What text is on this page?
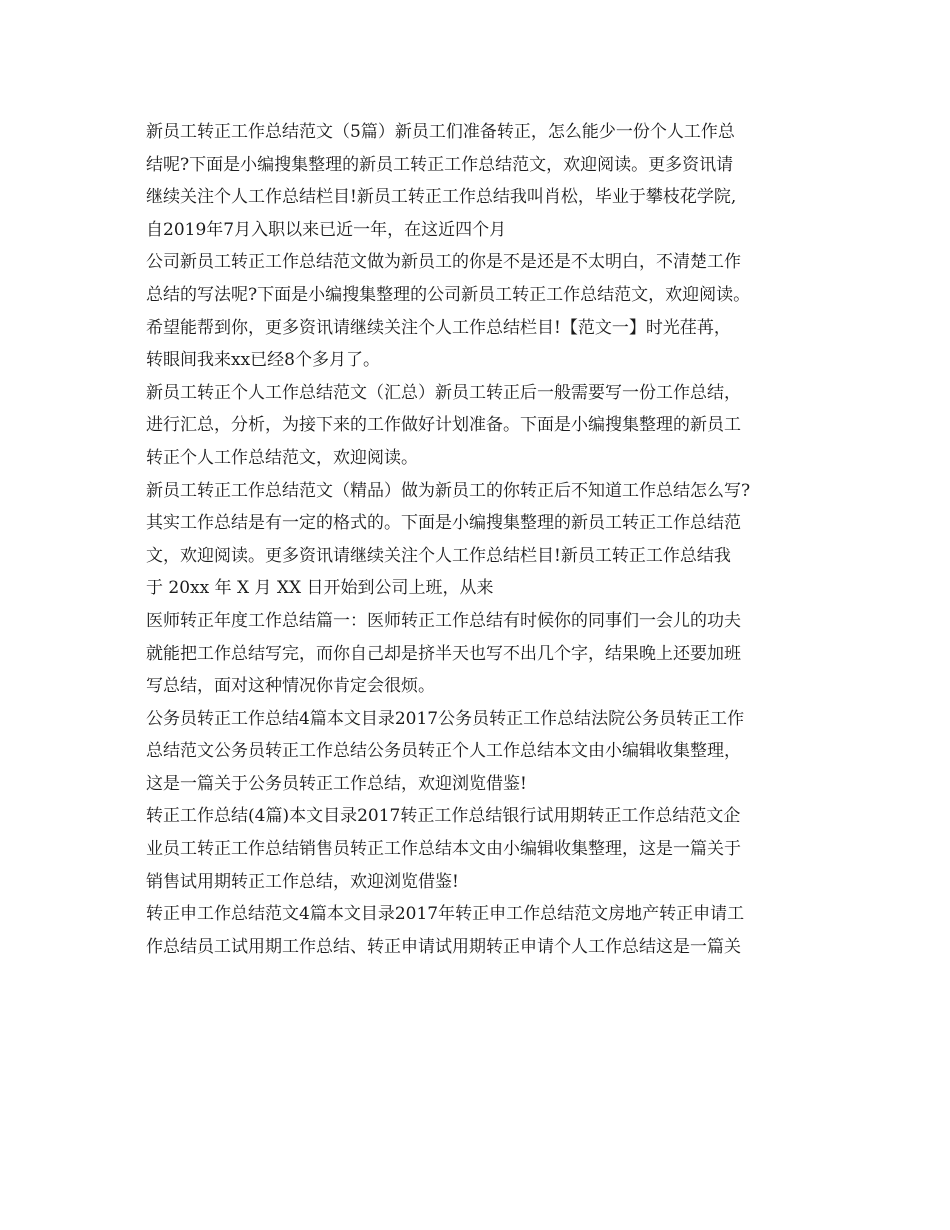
新员工转正工作总结范文（5篇）新员工们准备转正，怎么能少一份个人工作总
结呢?下面是小编搜集整理的新员工转正工作总结范文，欢迎阅读。更多资讯请
继续关注个人工作总结栏目!新员工转正工作总结我叫肖松，毕业于攀枝花学院,
自2019年7月入职以来已近一年，在这近四个月
公司新员工转正工作总结范文做为新员工的你是不是还是不太明白，不清楚工作
总结的写法呢?下面是小编搜集整理的公司新员工转正工作总结范文，欢迎阅读。
希望能帮到你，更多资讯请继续关注个人工作总结栏目!【范文一】时光荏苒，
转眼间我来xx已经8个多月了。
新员工转正个人工作总结范文（汇总）新员工转正后一般需要写一份工作总结，
进行汇总，分析，为接下来的工作做好计划准备。下面是小编搜集整理的新员工
转正个人工作总结范文，欢迎阅读。
新员工转正工作总结范文（精品）做为新员工的你转正后不知道工作总结怎么写?
其实工作总结是有一定的格式的。下面是小编搜集整理的新员工转正工作总结范
文，欢迎阅读。更多资讯请继续关注个人工作总结栏目!新员工转正工作总结我
于 20xx 年 X 月 XX 日开始到公司上班，从来
医师转正年度工作总结篇一：医师转正工作总结有时候你的同事们一会儿的功夫
就能把工作总结写完，而你自己却是挤半天也写不出几个字，结果晚上还要加班
写总结，面对这种情况你肯定会很烦。
公务员转正工作总结4篇本文目录2017公务员转正工作总结法院公务员转正工作
总结范文公务员转正工作总结公务员转正个人工作总结本文由小编辑收集整理，
这是一篇关于公务员转正工作总结，欢迎浏览借鉴!
转正工作总结(4篇)本文目录2017转正工作总结银行试用期转正工作总结范文企
业员工转正工作总结销售员转正工作总结本文由小编辑收集整理，这是一篇关于
销售试用期转正工作总结，欢迎浏览借鉴!
转正申工作总结范文4篇本文目录2017年转正申工作总结范文房地产转正申请工
作总结员工试用期工作总结、转正申请试用期转正申请个人工作总结这是一篇关
